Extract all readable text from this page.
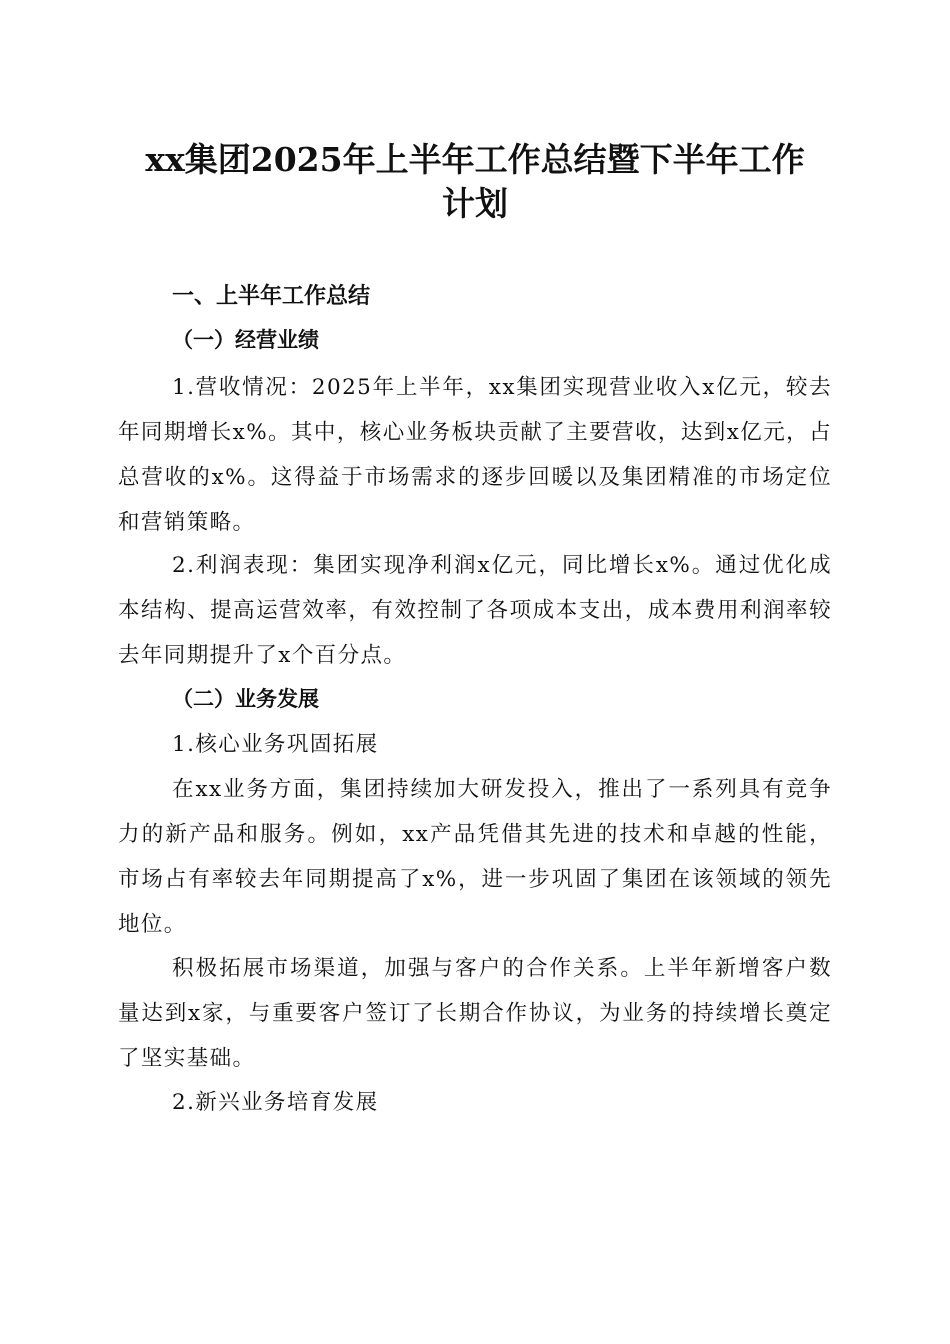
xx集团2025年上半年工作总结暨下半年工作
计划
一、上半年工作总结
（一）经营业绩

1.营收情况：2025年上半年，xx集团实现营业收入x亿元，较去年同期增长x%。其中，核心业务板块贡献了主要营收，达到x亿元，占总营收的x%。这得益于市场需求的逐步回暖以及集团精准的市场定位和营销策略。

2.利润表现：集团实现净利润x亿元，同比增长x%。通过优化成本结构、提高运营效率，有效控制了各项成本支出，成本费用利润率较去年同期提升了x个百分点。

（二）业务发展

1.核心业务巩固拓展

在xx业务方面，集团持续加大研发投入，推出了一系列具有竞争力的新产品和服务。例如，xx产品凭借其先进的技术和卓越的性能，市场占有率较去年同期提高了x%，进一步巩固了集团在该领域的领先地位。

积极拓展市场渠道，加强与客户的合作关系。上半年新增客户数量达到x家，与重要客户签订了长期合作协议，为业务的持续增长奠定了坚实基础。

2.新兴业务培育发展
